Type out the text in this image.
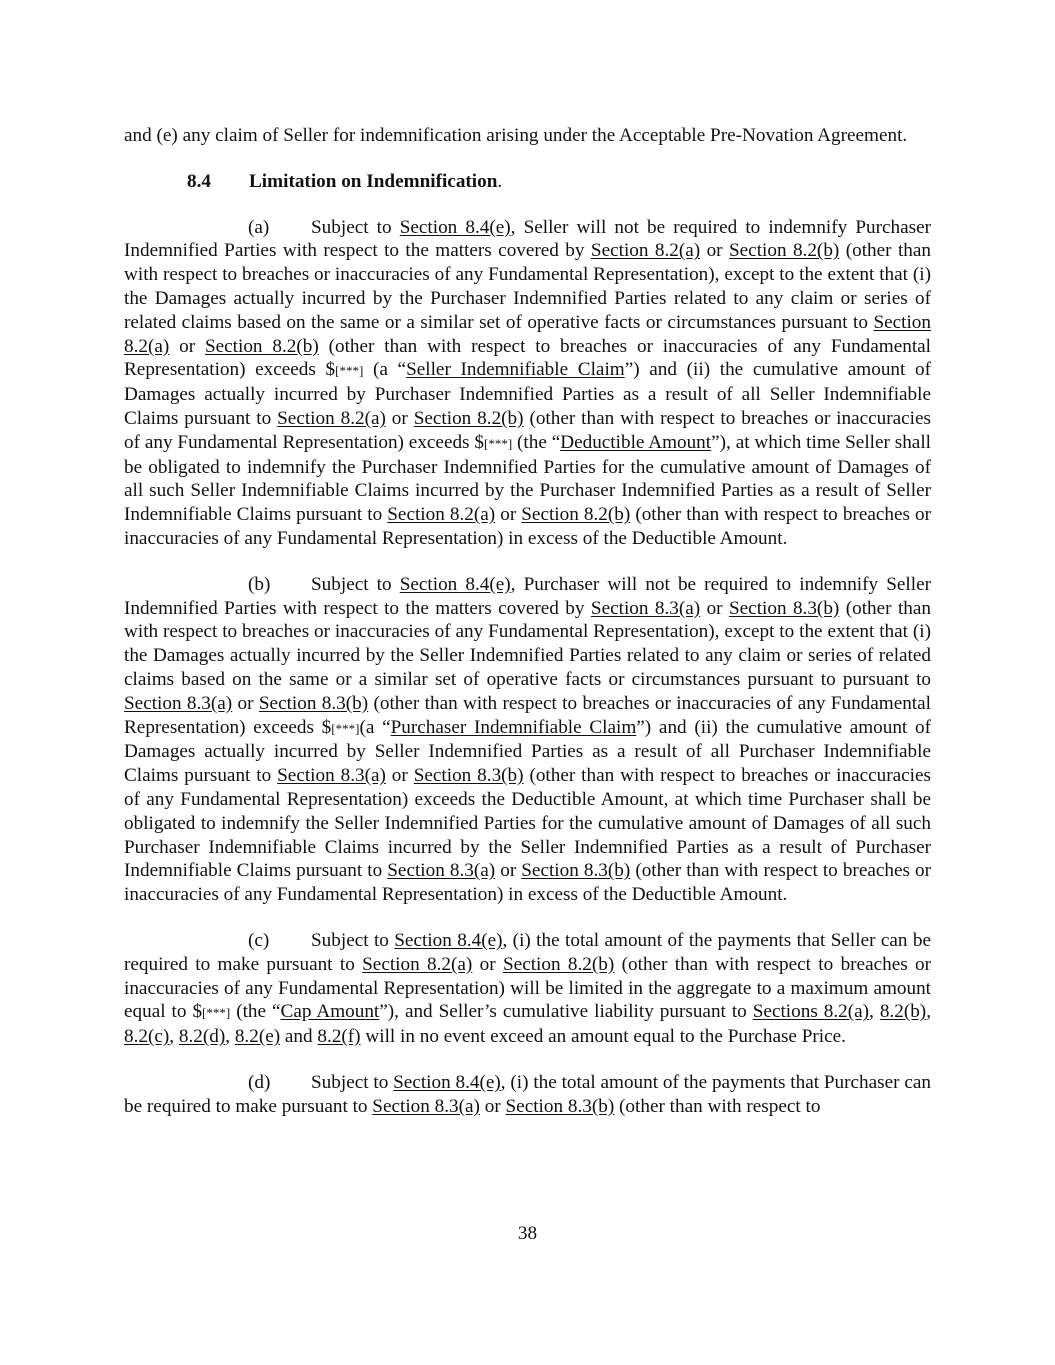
and (e) any claim of Seller for indemnification arising under the Acceptable Pre-Novation Agreement.

8.4 Limitation on Indemnification.

(a) Subject to Section 8.4(e), Seller will not be required to indemnify Purchaser Indemnified Parties with respect to the matters covered by Section 8.2(a) or Section 8.2(b) (other than with respect to breaches or inaccuracies of any Fundamental Representation), except to the extent that (i) the Damages actually incurred by the Purchaser Indemnified Parties related to any claim or series of related claims based on the same or a similar set of operative facts or circumstances pursuant to Section 8.2(a) or Section 8.2(b) (other than with respect to breaches or inaccuracies of any Fundamental Representation) exceeds $[***] (a “Seller Indemnifiable Claim”) and (ii) the cumulative amount of Damages actually incurred by Purchaser Indemnified Parties as a result of all Seller Indemnifiable Claims pursuant to Section 8.2(a) or Section 8.2(b) (other than with respect to breaches or inaccuracies of any Fundamental Representation) exceeds $[***] (the “Deductible Amount”), at which time Seller shall be obligated to indemnify the Purchaser Indemnified Parties for the cumulative amount of Damages of all such Seller Indemnifiable Claims incurred by the Purchaser Indemnified Parties as a result of Seller Indemnifiable Claims pursuant to Section 8.2(a) or Section 8.2(b) (other than with respect to breaches or inaccuracies of any Fundamental Representation) in excess of the Deductible Amount.

(b) Subject to Section 8.4(e), Purchaser will not be required to indemnify Seller Indemnified Parties with respect to the matters covered by Section 8.3(a) or Section 8.3(b) (other than with respect to breaches or inaccuracies of any Fundamental Representation), except to the extent that (i) the Damages actually incurred by the Seller Indemnified Parties related to any claim or series of related claims based on the same or a similar set of operative facts or circumstances pursuant to pursuant to Section 8.3(a) or Section 8.3(b) (other than with respect to breaches or inaccuracies of any Fundamental Representation) exceeds $[***](a “Purchaser Indemnifiable Claim”) and (ii) the cumulative amount of Damages actually incurred by Seller Indemnified Parties as a result of all Purchaser Indemnifiable Claims pursuant to Section 8.3(a) or Section 8.3(b) (other than with respect to breaches or inaccuracies of any Fundamental Representation) exceeds the Deductible Amount, at which time Purchaser shall be obligated to indemnify the Seller Indemnified Parties for the cumulative amount of Damages of all such Purchaser Indemnifiable Claims incurred by the Seller Indemnified Parties as a result of Purchaser Indemnifiable Claims pursuant to Section 8.3(a) or Section 8.3(b) (other than with respect to breaches or inaccuracies of any Fundamental Representation) in excess of the Deductible Amount.

(c) Subject to Section 8.4(e), (i) the total amount of the payments that Seller can be required to make pursuant to Section 8.2(a) or Section 8.2(b) (other than with respect to breaches or inaccuracies of any Fundamental Representation) will be limited in the aggregate to a maximum amount equal to $[***] (the “Cap Amount”), and Seller’s cumulative liability pursuant to Sections 8.2(a), 8.2(b), 8.2(c), 8.2(d), 8.2(e) and 8.2(f) will in no event exceed an amount equal to the Purchase Price.

(d) Subject to Section 8.4(e), (i) the total amount of the payments that Purchaser can be required to make pursuant to Section 8.3(a) or Section 8.3(b) (other than with respect to

38
